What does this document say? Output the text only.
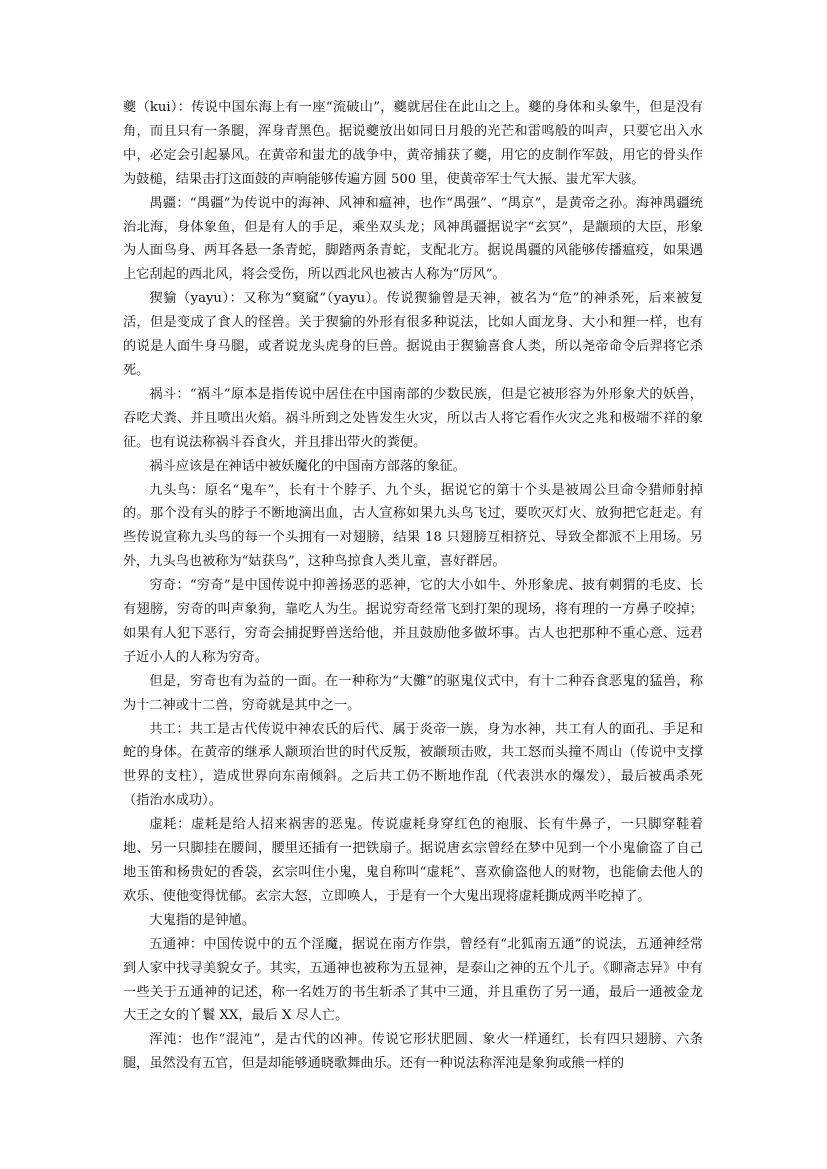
夔（kui）：传说中国东海上有一座“流破山”，夔就居住在此山之上。夔的身体和头象牛，但是没有角，而且只有一条腿，浑身青黑色。据说夔放出如同日月般的光芒和雷鸣般的叫声，只要它出入水中，必定会引起暴风。在黄帝和蚩尤的战争中，黄帝捕获了夔，用它的皮制作军鼓，用它的骨头作为鼓槌，结果击打这面鼓的声响能够传遍方圆 500 里，使黄帝军士气大振、蚩尤军大骇。

禺疆：“禺疆”为传说中的海神、风神和瘟神，也作“禺强”、“禺京”，是黄帝之孙。海神禺疆统治北海，身体象鱼，但是有人的手足，乘坐双头龙；风神禺疆据说字“玄冥”，是颛顼的大臣，形象为人面鸟身、两耳各悬一条青蛇，脚踏两条青蛇，支配北方。据说禺疆的风能够传播瘟疫，如果遇上它刮起的西北风，将会受伤，所以西北风也被古人称为“厉风”。

猰貐（yayu）：又称为“窫窳”（yayu）。传说猰貐曾是天神，被名为“危”的神杀死，后来被复活，但是变成了食人的怪兽。关于猰貐的外形有很多种说法，比如人面龙身、大小和狸一样，也有的说是人面牛身马腿，或者说龙头虎身的巨兽。据说由于猰貐喜食人类，所以尧帝命令后羿将它杀死。

祸斗：“祸斗”原本是指传说中居住在中国南部的少数民族，但是它被形容为外形象犬的妖兽，吞吃犬粪、并且喷出火焰。祸斗所到之处皆发生火灾，所以古人将它看作火灾之兆和极端不祥的象征。也有说法称祸斗吞食火，并且排出带火的粪便。

祸斗应该是在神话中被妖魔化的中国南方部落的象征。

九头鸟：原名“鬼车”，长有十个脖子、九个头，据说它的第十个头是被周公旦命令猎师射掉的。那个没有头的脖子不断地滴出血，古人宣称如果九头鸟飞过，要吹灭灯火、放狗把它赶走。有些传说宣称九头鸟的每一个头拥有一对翅膀，结果 18 只翅膀互相挤兑、导致全都派不上用场。另外，九头鸟也被称为“姑获鸟”，这种鸟掠食人类儿童，喜好群居。

穷奇：“穷奇”是中国传说中抑善扬恶的恶神，它的大小如牛、外形象虎、披有刺猬的毛皮、长有翅膀，穷奇的叫声象狗，靠吃人为生。据说穷奇经常飞到打架的现场，将有理的一方鼻子咬掉；如果有人犯下恶行，穷奇会捕捉野兽送给他，并且鼓励他多做坏事。古人也把那种不重心意、远君子近小人的人称为穷奇。

但是，穷奇也有为益的一面。在一种称为“大儺”的驱鬼仪式中，有十二种吞食恶鬼的猛兽，称为十二神或十二兽，穷奇就是其中之一。

共工：共工是古代传说中神农氏的后代、属于炎帝一族，身为水神，共工有人的面孔、手足和蛇的身体。在黄帝的继承人颛顼治世的时代反叛，被颛顼击败，共工怒而头撞不周山（传说中支撑世界的支柱），造成世界向东南倾斜。之后共工仍不断地作乱（代表洪水的爆发），最后被禹杀死（指治水成功）。

虚耗：虚耗是给人招来祸害的恶鬼。传说虚耗身穿红色的袍服、长有牛鼻子，一只脚穿鞋着地、另一只脚挂在腰间，腰里还插有一把铁扇子。据说唐玄宗曾经在梦中见到一个小鬼偷盗了自己地玉笛和杨贵妃的香袋，玄宗叫住小鬼，鬼自称叫“虚耗”、喜欢偷盗他人的财物，也能偷去他人的欢乐、使他变得忧郁。玄宗大怒，立即唤人，于是有一个大鬼出现将虚耗撕成两半吃掉了。

大鬼指的是钟馗。

五通神：中国传说中的五个淫魔，据说在南方作祟，曾经有“北狐南五通”的说法，五通神经常到人家中找寻美貌女子。其实，五通神也被称为五显神，是泰山之神的五个儿子。《聊斋志异》中有一些关于五通神的记述，称一名姓万的书生斩杀了其中三通，并且重伤了另一通，最后一通被金龙大王之女的丫鬟 XX，最后 X 尽人亡。

浑沌：也作“混沌”，是古代的凶神。传说它形状肥圆、象火一样通红，长有四只翅膀、六条腿，虽然没有五官，但是却能够通晓歌舞曲乐。还有一种说法称浑沌是象狗或熊一样的
